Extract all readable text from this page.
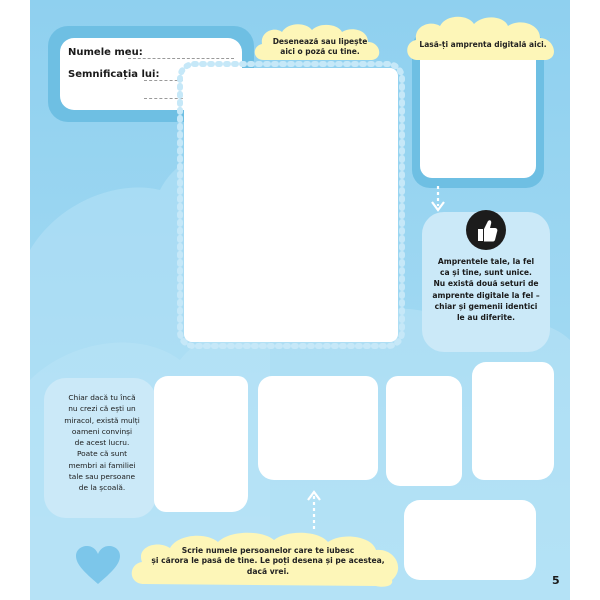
Numele meu:
Semnificația lui:
Desenează sau lipește
aici o poză cu tine.
Lasă-ți amprenta digitală aici.
Amprentele tale, la fel
ca și tine, sunt unice.
Nu există două seturi de
amprente digitale la fel –
chiar și gemenii identici
le au diferite.
Chiar dacă tu încă
nu crezi că ești un
miracol, există mulți
oameni convinși
de acest lucru.
Poate că sunt
membri ai familiei
tale sau persoane
de la școală.
Scrie numele persoanelor care te iubesc
și cărora le pasă de tine. Le poți desena și pe acestea,
dacă vrei.
5
